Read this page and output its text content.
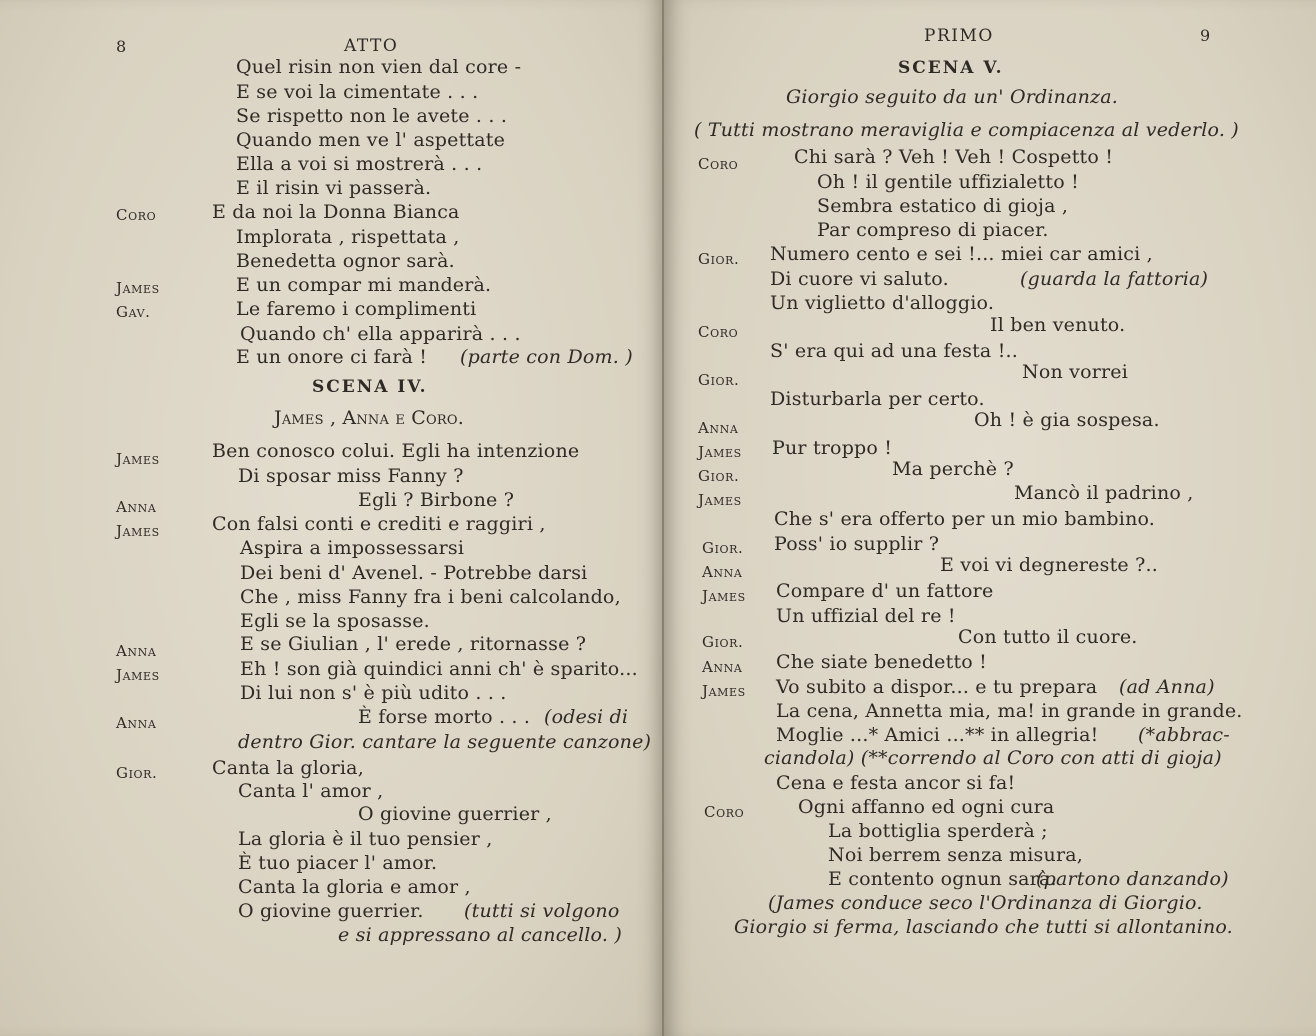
8	ATTO
Quel risin non vien dal core -
E se voi la cimentate . . .
Se rispetto non le avete . . .
Quando men ve l' aspettate
Ella a voi si mostrerà . . .
E il risin vi passerà.
Coro	E da noi la Donna Bianca
Implorata , rispettata ,
Benedetta ognor sarà.
James	E un compar mi manderà.
Gav.	Le faremo i complimenti
Quando ch' ella apparirà . . .
E un onore ci farà ! (parte con Dom. )
SCENA IV.
James , Anna e Coro.
James	Ben conosco colui. Egli ha intenzione
Di sposar miss Fanny ?
Anna	Egli ? Birbone ?
James	Con falsi conti e crediti e raggiri ,
Aspira a impossessarsi
Dei beni d' Avenel. - Potrebbe darsi
Che , miss Fanny fra i beni calcolando,
Egli se la sposasse.
Anna	E se Giulian , l' erede , ritornasse ?
James	Eh ! son già quindici anni ch' è sparito...
Di lui non s' è più udito . . .
Anna	È forse morto . . . (odesi di
dentro Gior. cantare la seguente canzone)
Gior.	Canta la gloria,
Canta l' amor ,
O giovine guerrier ,
La gloria è il tuo pensier ,
È tuo piacer l' amor.
Canta la gloria e amor ,
O giovine guerrier. (tutti si volgono
e si appressano al cancello. )
PRIMO	9
SCENA V.
Giorgio seguito da un' Ordinanza.
( Tutti mostrano meraviglia e compiacenza al vederlo. )
Coro	Chi sarà ? Veh ! Veh ! Cospetto !
Oh ! il gentile uffizialetto !
Sembra estatico di gioja ,
Par compreso di piacer.
Gior. Numero cento e sei !... miei car amici ,
Di cuore vi saluto.	(guarda la fattoria)
Un viglietto d'alloggio.
Coro	Il ben venuto.
S' era qui ad una festa !..
Gior.	Non vorrei
Disturbarla per certo.
Anna	Oh ! è gia sospesa.
James Pur troppo !
Gior.	Ma perchè ?
James	Mancò il padrino ,
Che s' era offerto per un mio bambino.
Gior. Poss' io supplir ?
Anna	E voi vi degnereste ?..
James Compare d' un fattore
Un uffizial del re !
Gior.	Con tutto il cuore.
Anna Che siate benedetto !
James Vo subito a dispor... e tu prepara (ad Anna)
La cena, Annetta mia, ma! in grande in grande.
Moglie ...* Amici ...** in allegria! (*abbrac-
ciandola) (**correndo al Coro con atti di gioja)
Cena e festa ancor si fa!
Coro	Ogni affanno ed ogni cura
La bottiglia sperderà ;
Noi berrem senza misura,
E contento ognun sarà.
(partono danzando)
(James conduce seco l'Ordinanza di Giorgio.
Giorgio si ferma, lasciando che tutti si allontanino.
